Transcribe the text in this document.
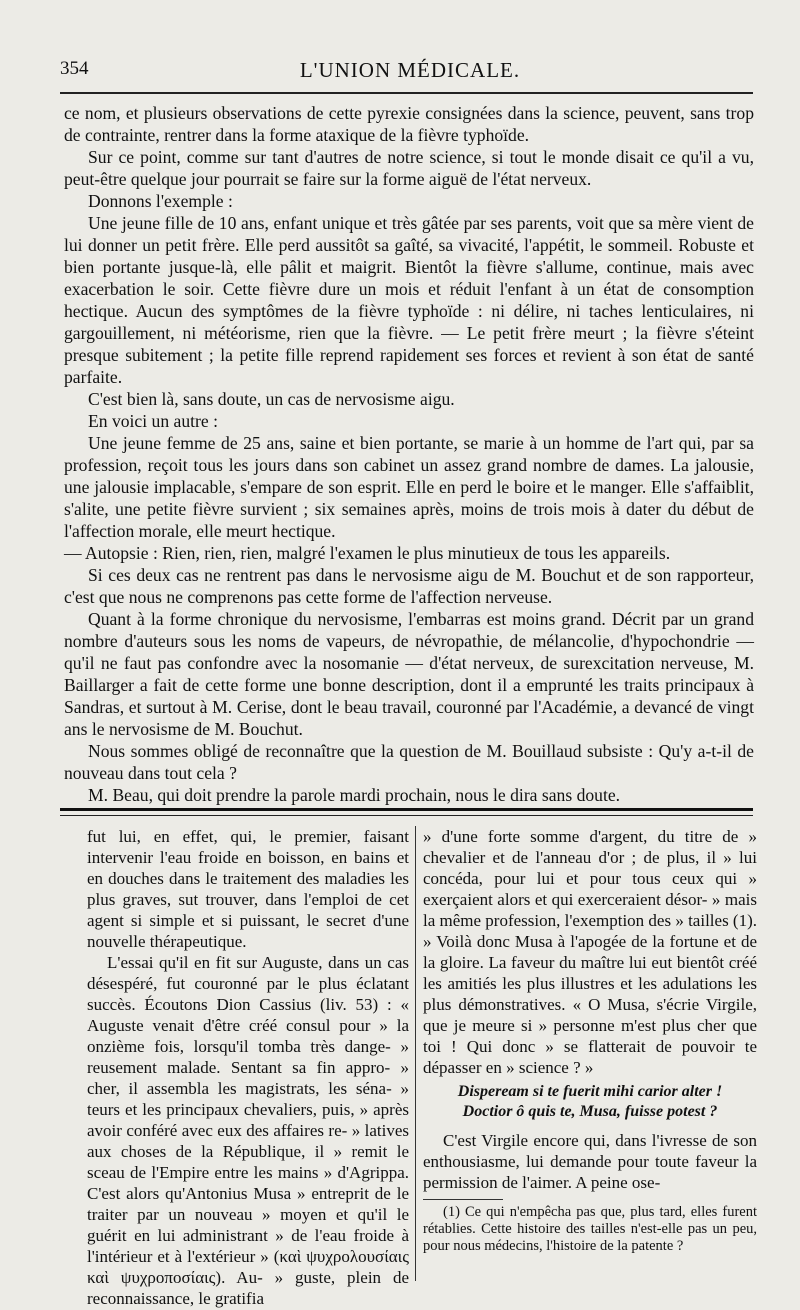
354	L'UNION MÉDICALE.

ce nom, et plusieurs observations de cette pyrexie consignées dans la science, peuvent, sans trop de contrainte, rentrer dans la forme ataxique de la fièvre typhoïde.

Sur ce point, comme sur tant d'autres de notre science, si tout le monde disait ce qu'il a vu, peut-être quelque jour pourrait se faire sur la forme aiguë de l'état nerveux.

Donnons l'exemple :

Une jeune fille de 10 ans, enfant unique et très gâtée par ses parents, voit que sa mère vient de lui donner un petit frère. Elle perd aussitôt sa gaîté, sa vivacité, l'appétit, le sommeil. Robuste et bien portante jusque-là, elle pâlit et maigrit. Bientôt la fièvre s'allume, continue, mais avec exacerbation le soir. Cette fièvre dure un mois et réduit l'enfant à un état de consomption hectique. Aucun des symptômes de la fièvre typhoïde : ni délire, ni taches lenticulaires, ni gargouillement, ni météorisme, rien que la fièvre. — Le petit frère meurt ; la fièvre s'éteint presque subitement ; la petite fille reprend rapidement ses forces et revient à son état de santé parfaite.

C'est bien là, sans doute, un cas de nervosisme aigu.

En voici un autre :

Une jeune femme de 25 ans, saine et bien portante, se marie à un homme de l'art qui, par sa profession, reçoit tous les jours dans son cabinet un assez grand nombre de dames. La jalousie, une jalousie implacable, s'empare de son esprit. Elle en perd le boire et le manger. Elle s'affaiblit, s'alite, une petite fièvre survient ; six semaines après, moins de trois mois à dater du début de l'affection morale, elle meurt hectique.

— Autopsie : Rien, rien, rien, malgré l'examen le plus minutieux de tous les appareils.

Si ces deux cas ne rentrent pas dans le nervosisme aigu de M. Bouchut et de son rapporteur, c'est que nous ne comprenons pas cette forme de l'affection nerveuse.

Quant à la forme chronique du nervosisme, l'embarras est moins grand. Décrit par un grand nombre d'auteurs sous les noms de vapeurs, de névropathie, de mélancolie, d'hypochondrie — qu'il ne faut pas confondre avec la nosomanie — d'état nerveux, de surexcitation nerveuse, M. Baillarger a fait de cette forme une bonne description, dont il a emprunté les traits principaux à Sandras, et surtout à M. Cerise, dont le beau travail, couronné par l'Académie, a devancé de vingt ans le nervosisme de M. Bouchut.

Nous sommes obligé de reconnaître que la question de M. Bouillaud subsiste : Qu'y a-t-il de nouveau dans tout cela ?

M. Beau, qui doit prendre la parole mardi prochain, nous le dira sans doute.

fut lui, en effet, qui, le premier, faisant intervenir l'eau froide en boisson, en bains et en douches dans le traitement des maladies les plus graves, sut trouver, dans l'emploi de cet agent si simple et si puissant, le secret d'une nouvelle thérapeutique.

L'essai qu'il en fit sur Auguste, dans un cas désespéré, fut couronné par le plus éclatant succès. Écoutons Dion Cassius (liv. 53) : « Auguste venait d'être créé consul pour » la onzième fois, lorsqu'il tomba très dange- » reusement malade. Sentant sa fin appro- » cher, il assembla les magistrats, les séna- » teurs et les principaux chevaliers, puis, » après avoir conféré avec eux des affaires re- » latives aux choses de la République, il » remit le sceau de l'Empire entre les mains » d'Agrippa. C'est alors qu'Antonius Musa » entreprit de le traiter par un nouveau » moyen et qu'il le guérit en lui administrant » de l'eau froide à l'intérieur et à l'extérieur » (καὶ ψυχρολουσίαις καὶ ψυχροποσίαις). Au- » guste, plein de reconnaissance, le gratifia

» d'une forte somme d'argent, du titre de » chevalier et de l'anneau d'or ; de plus, il » lui concéda, pour lui et pour tous ceux qui » exerçaient alors et qui exerceraient désor- » mais la même profession, l'exemption des » tailles (1). » Voilà donc Musa à l'apogée de la fortune et de la gloire. La faveur du maître lui eut bientôt créé les amitiés les plus illustres et les adulations les plus démonstratives. « O Musa, s'écrie Virgile, que je meure si » personne m'est plus cher que toi ! Qui donc » se flatterait de pouvoir te dépasser en » science ? »

Dispeream si te fuerit mihi carior alter !
Doctior ô quis te, Musa, fuisse potest ?

C'est Virgile encore qui, dans l'ivresse de son enthousiasme, lui demande pour toute faveur la permission de l'aimer. A peine ose-

(1) Ce qui n'empêcha pas que, plus tard, elles furent rétablies. Cette histoire des tailles n'est-elle pas un peu, pour nous médecins, l'histoire de la patente ?
